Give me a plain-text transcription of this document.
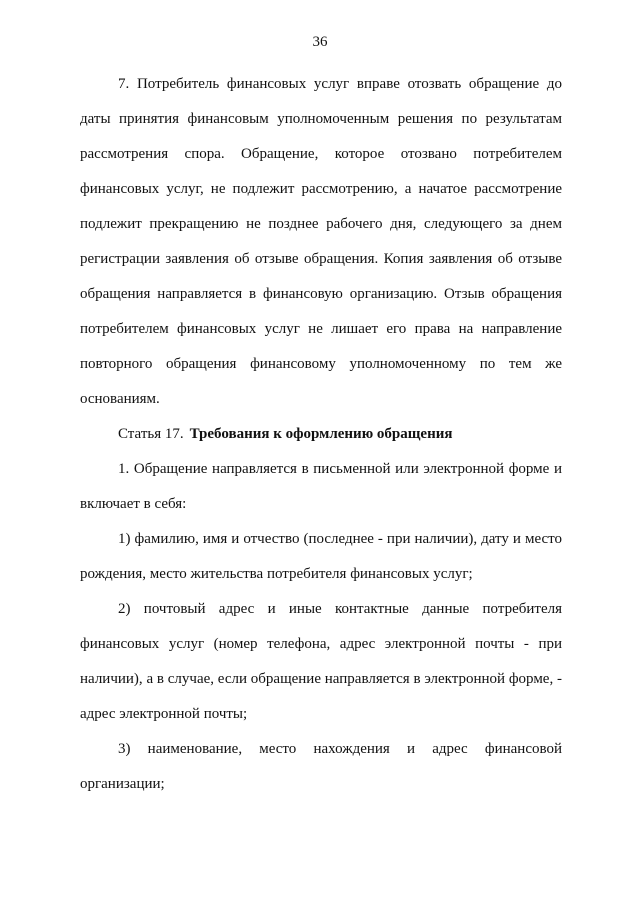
36

7. Потребитель финансовых услуг вправе отозвать обращение до даты принятия финансовым уполномоченным решения по результатам рассмотрения спора. Обращение, которое отозвано потребителем финансовых услуг, не подлежит рассмотрению, а начатое рассмотрение подлежит прекращению не позднее рабочего дня, следующего за днем регистрации заявления об отзыве обращения. Копия заявления об отзыве обращения направляется в финансовую организацию. Отзыв обращения потребителем финансовых услуг не лишает его права на направление повторного обращения финансовому уполномоченному по тем же основаниям.

Статья 17. Требования к оформлению обращения

1. Обращение направляется в письменной или электронной форме и включает в себя:

1) фамилию, имя и отчество (последнее - при наличии), дату и место рождения, место жительства потребителя финансовых услуг;

2) почтовый адрес и иные контактные данные потребителя финансовых услуг (номер телефона, адрес электронной почты - при наличии), а в случае, если обращение направляется в электронной форме, - адрес электронной почты;

3) наименование, место нахождения и адрес финансовой организации;
